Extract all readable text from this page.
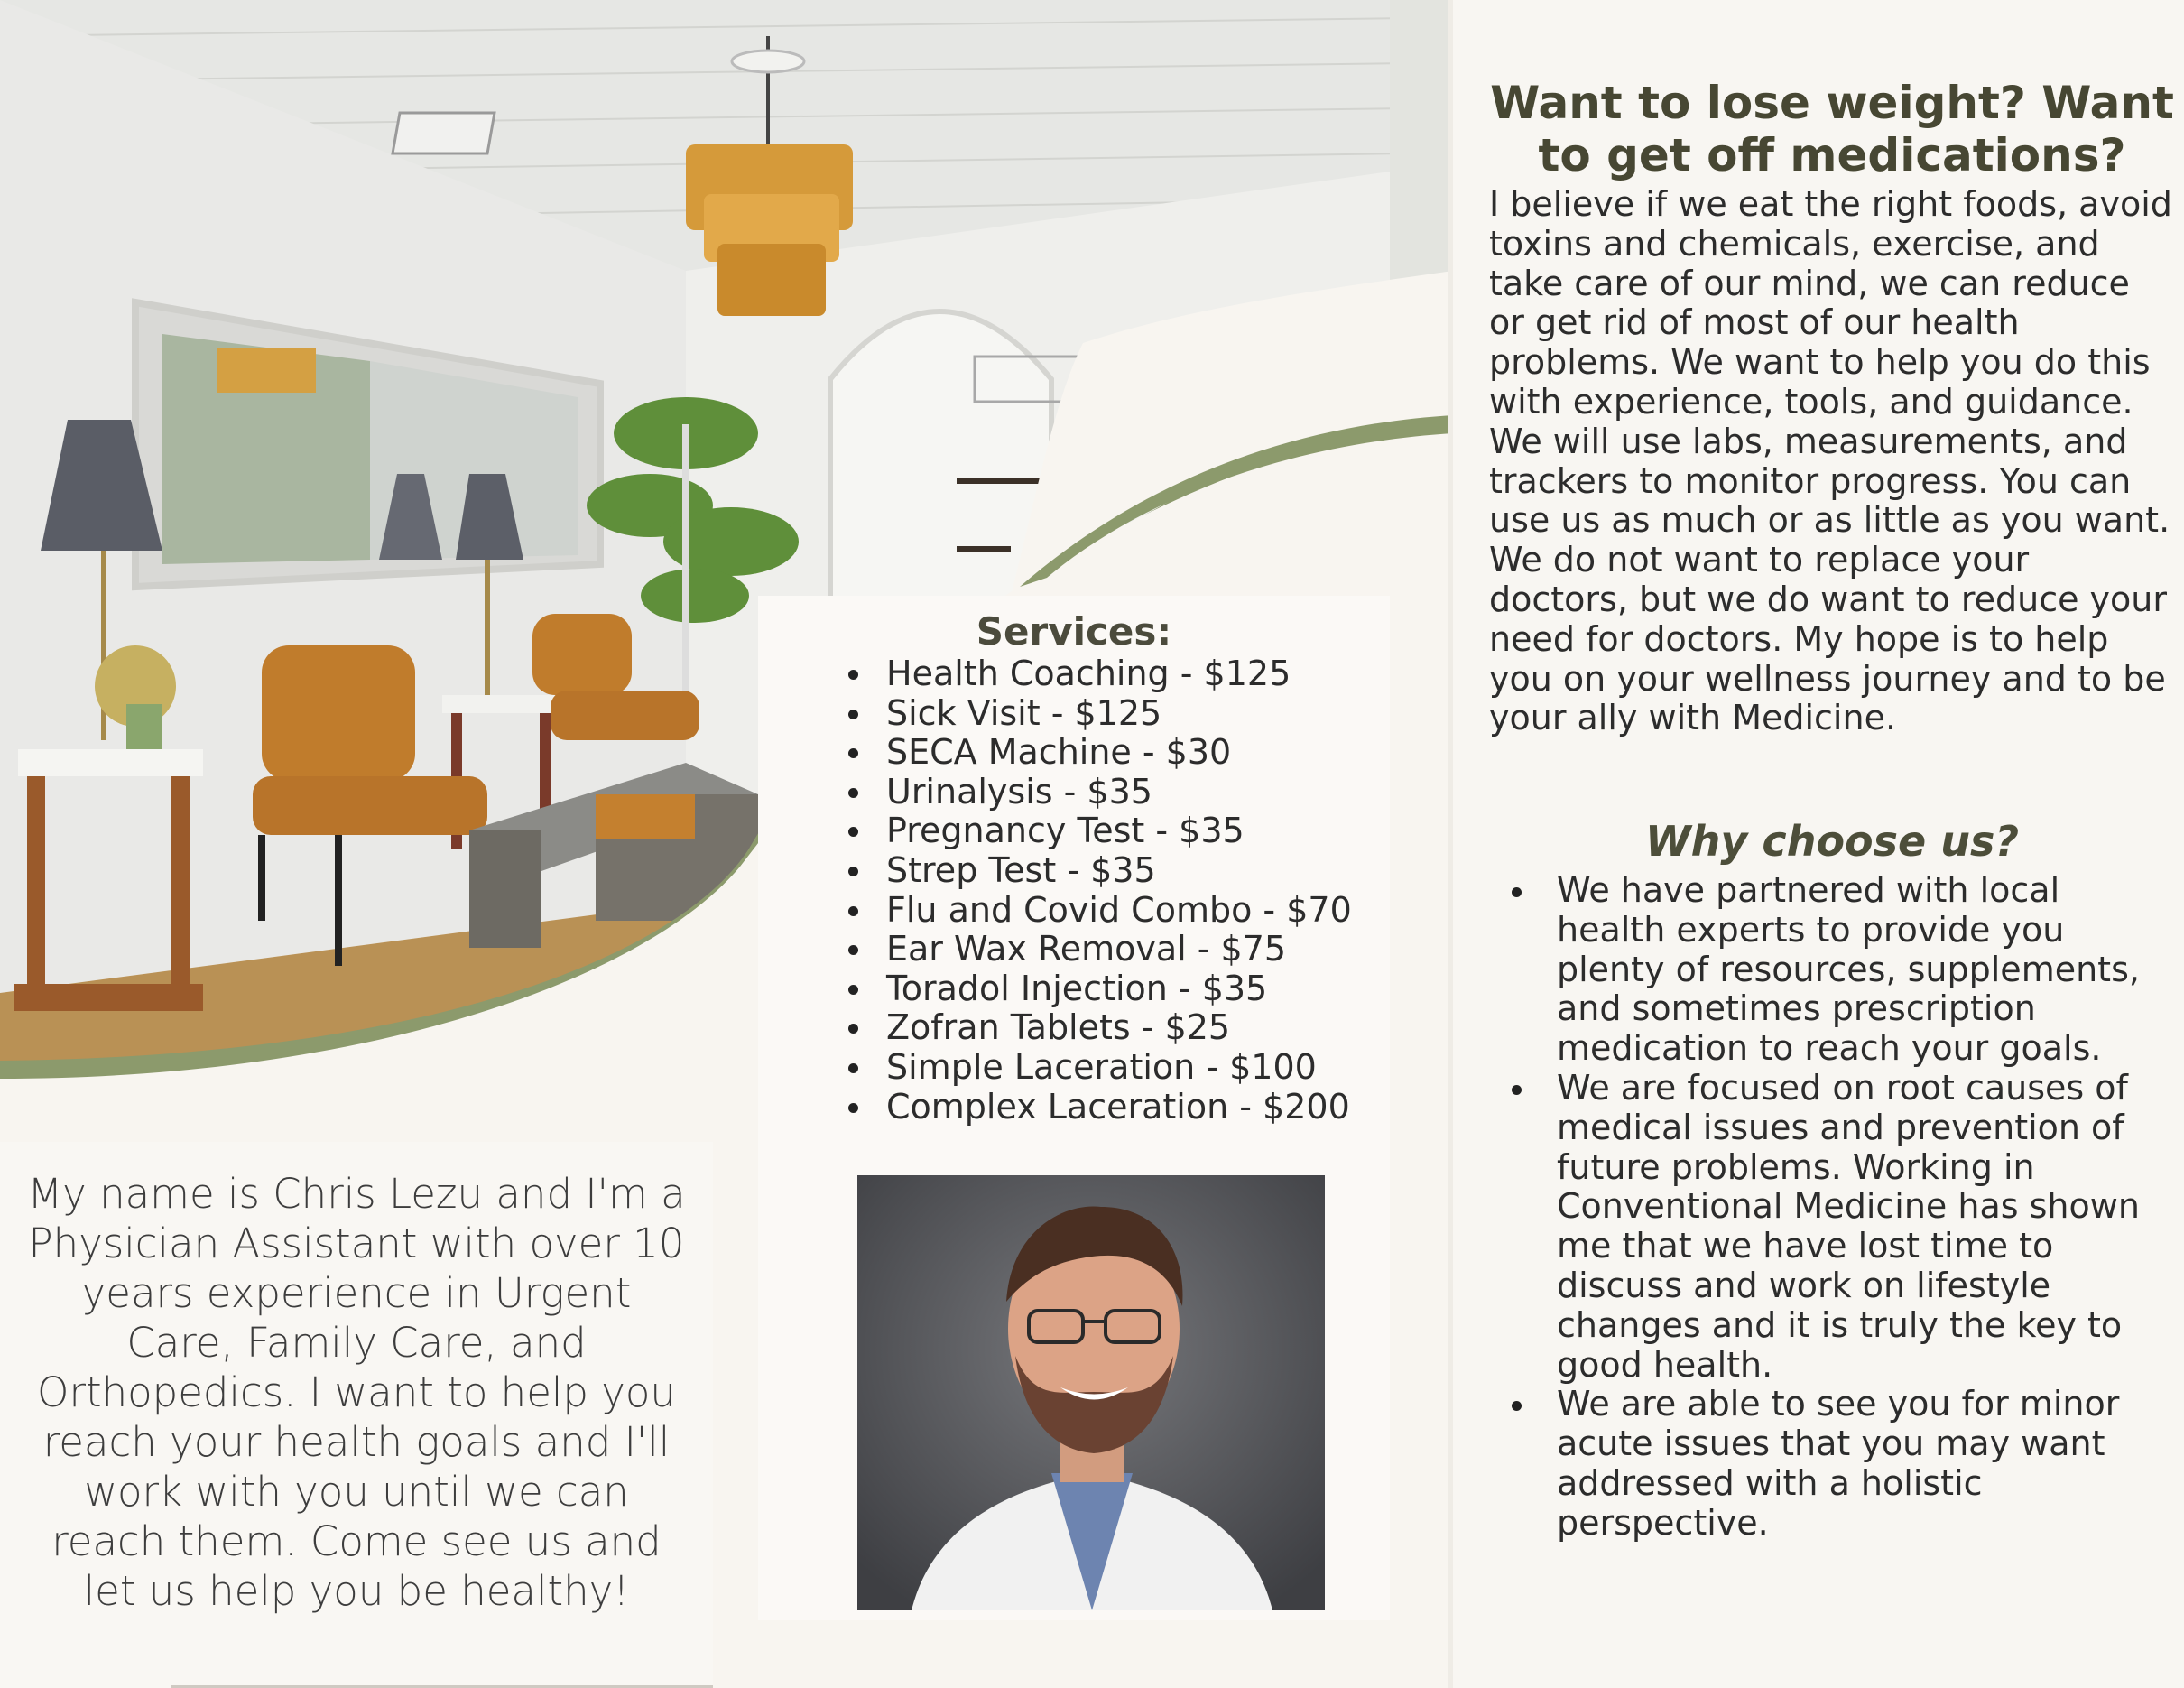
My name is Chris Lezu and I'm a Physician Assistant with over 10 years experience in Urgent Care, Family Care, and Orthopedics. I want to help you reach your health goals and I'll work with you until we can reach them. Come see us and let us help you be healthy!
Services:
Health Coaching - $125
Sick Visit - $125
SECA Machine - $30
Urinalysis - $35
Pregnancy Test - $35
Strep Test - $35
Flu and Covid Combo - $70
Ear Wax Removal - $75
Toradol Injection - $35
Zofran Tablets - $25
Simple Laceration - $100
Complex Laceration - $200
Want to lose weight? Want to get off medications?

I believe if we eat the right foods, avoid toxins and chemicals, exercise, and take care of our mind, we can reduce or get rid of most of our health problems. We want to help you do this with experience, tools, and guidance. We will use labs, measurements, and trackers to monitor progress. You can use us as much or as little as you want. We do not want to replace your doctors, but we do want to reduce your need for doctors. My hope is to help you on your wellness journey and to be your ally with Medicine.

Why choose us?
We have partnered with local health experts to provide you plenty of resources, supplements, and sometimes prescription medication to reach your goals.
We are focused on root causes of medical issues and prevention of future problems. Working in Conventional Medicine has shown me that we have lost time to discuss and work on lifestyle changes and it is truly the key to good health.
We are able to see you for minor acute issues that you may want addressed with a holistic perspective.
